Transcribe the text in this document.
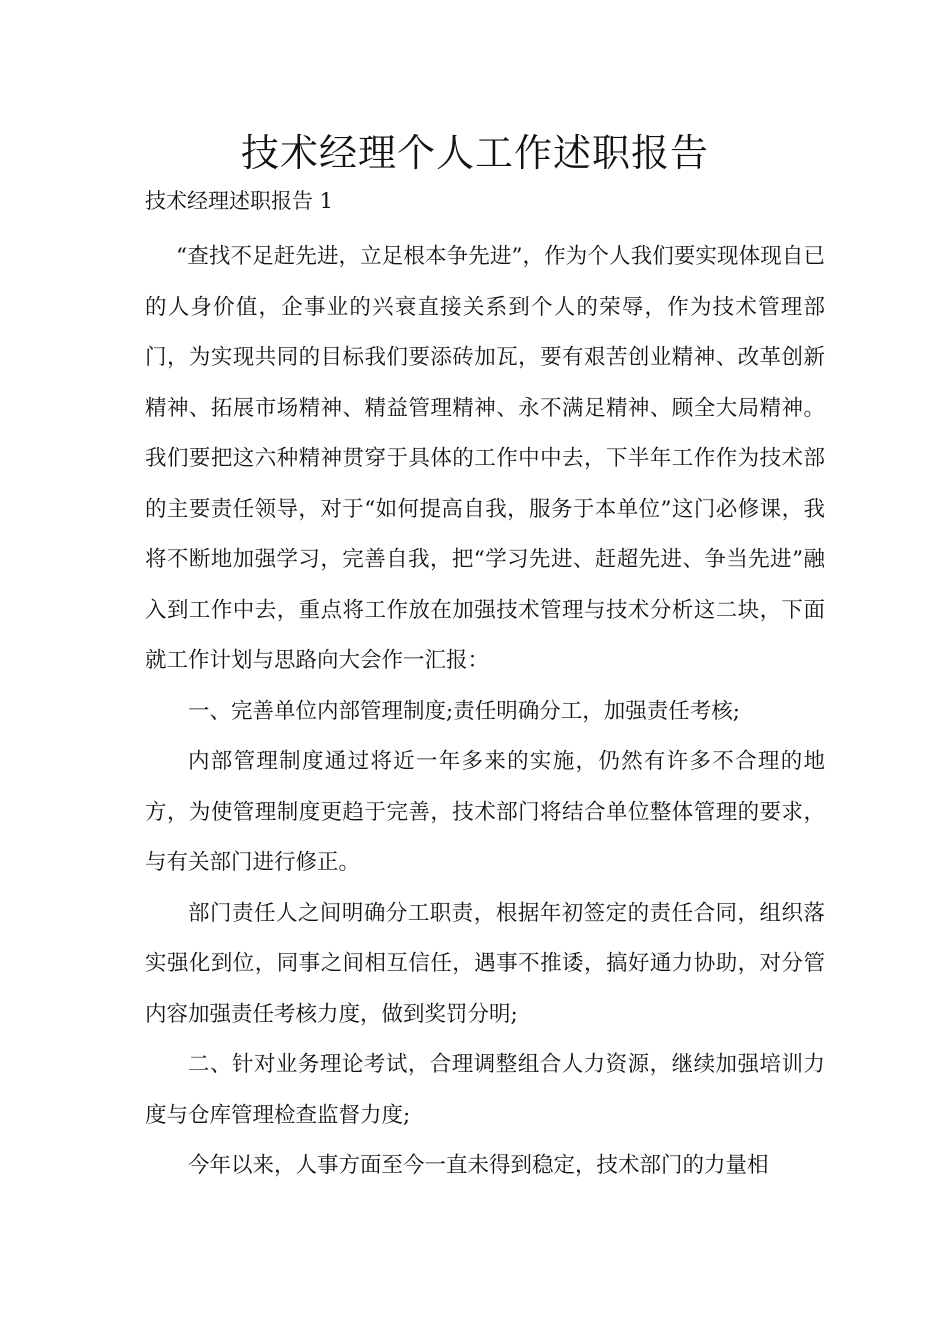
技术经理个人工作述职报告

技术经理述职报告 1

“查找不足赶先进，立足根本争先进”，作为个人我们要实现体现自已的人身价值，企事业的兴衰直接关系到个人的荣辱，作为技术管理部门，为实现共同的目标我们要添砖加瓦，要有艰苦创业精神、改革创新精神、拓展市场精神、精益管理精神、永不满足精神、顾全大局精神。我们要把这六种精神贯穿于具体的工作中中去，下半年工作作为技术部的主要责任领导，对于“如何提高自我，服务于本单位”这门必修课，我将不断地加强学习，完善自我，把“学习先进、赶超先进、争当先进”融入到工作中去，重点将工作放在加强技术管理与技术分析这二块，下面就工作计划与思路向大会作一汇报：

一、完善单位内部管理制度;责任明确分工，加强责任考核;

内部管理制度通过将近一年多来的实施，仍然有许多不合理的地方，为使管理制度更趋于完善，技术部门将结合单位整体管理的要求，与有关部门进行修正。

部门责任人之间明确分工职责，根据年初签定的责任合同，组织落实强化到位，同事之间相互信任，遇事不推诿，搞好通力协助，对分管内容加强责任考核力度，做到奖罚分明;

二、针对业务理论考试，合理调整组合人力资源，继续加强培训力度与仓库管理检查监督力度;

今年以来，人事方面至今一直未得到稳定，技术部门的力量相
